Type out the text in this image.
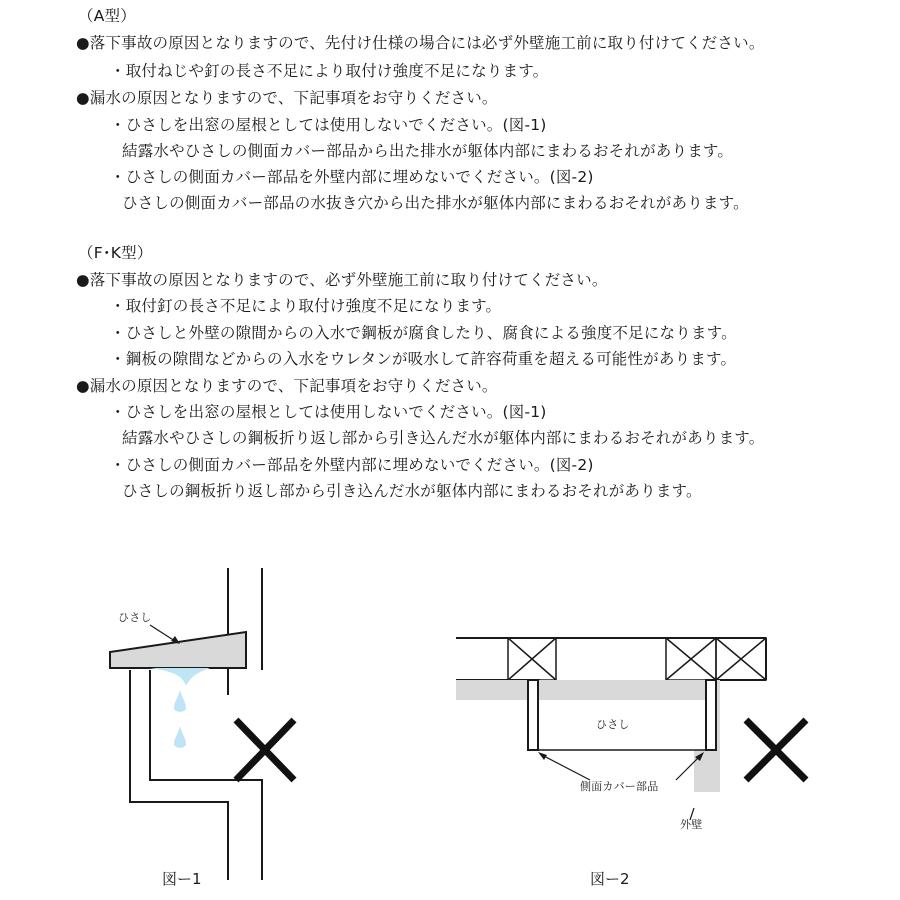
（A型）
●落下事故の原因となりますので、先付け仕様の場合には必ず外壁施工前に取り付けてください。
・取付ねじや釘の長さ不足により取付け強度不足になります。
●漏水の原因となりますので、下記事項をお守りください。
・ひさしを出窓の屋根としては使用しないでください。(図-1)
結露水やひさしの側面カバー部品から出た排水が躯体内部にまわるおそれがあります。
・ひさしの側面カバー部品を外壁内部に埋めないでください。(図-2)
ひさしの側面カバー部品の水抜き穴から出た排水が躯体内部にまわるおそれがあります。
（F･K型）
●落下事故の原因となりますので、必ず外壁施工前に取り付けてください。
・取付釘の長さ不足により取付け強度不足になります。
・ひさしと外壁の隙間からの入水で鋼板が腐食したり、腐食による強度不足になります。
・鋼板の隙間などからの入水をウレタンが吸水して許容荷重を超える可能性があります。
●漏水の原因となりますので、下記事項をお守りください。
・ひさしを出窓の屋根としては使用しないでください。(図-1)
結露水やひさしの鋼板折り返し部から引き込んだ水が躯体内部にまわるおそれがあります。
・ひさしの側面カバー部品を外壁内部に埋めないでください。(図-2)
ひさしの鋼板折り返し部から引き込んだ水が躯体内部にまわるおそれがあります。
ひさし
図ー1
ひさし
側面カバー部品
外壁
図ー2
